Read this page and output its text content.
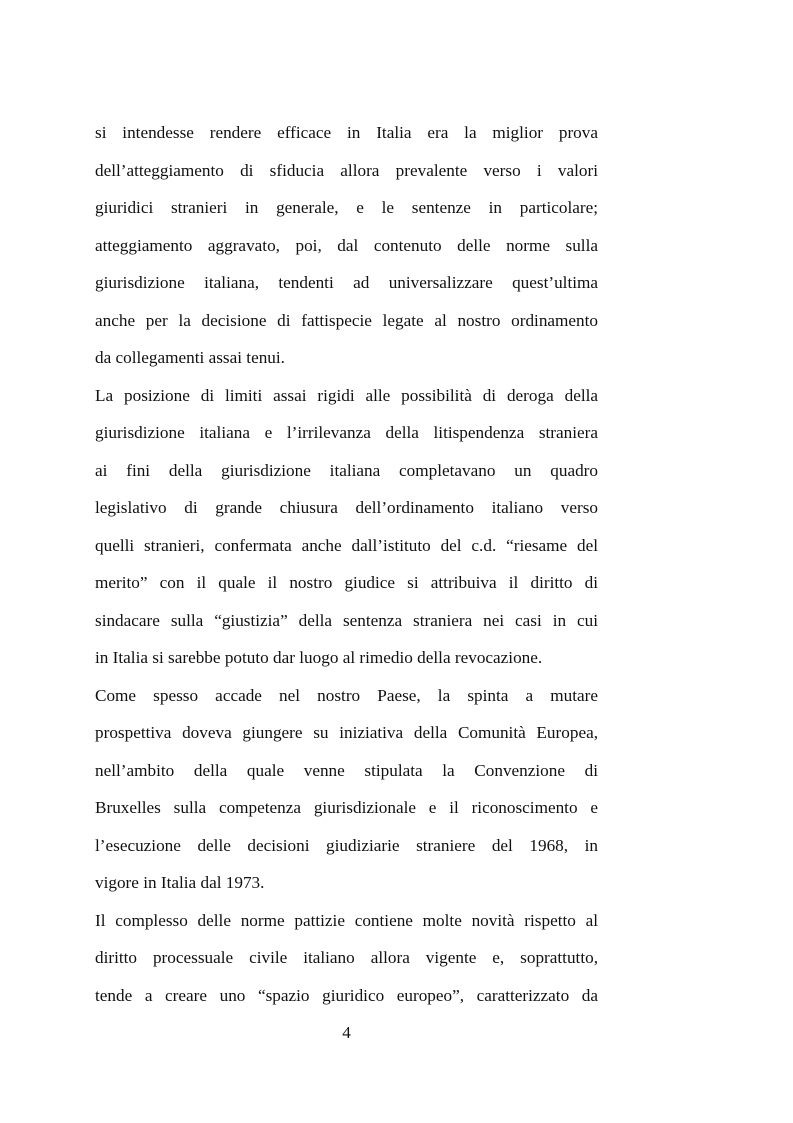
si intendesse rendere efficace in Italia era la miglior prova
dell’atteggiamento di sfiducia allora prevalente verso i valori
giuridici stranieri in generale, e le sentenze in particolare;
atteggiamento aggravato, poi, dal contenuto delle norme sulla
giurisdizione italiana, tendenti ad universalizzare quest’ultima
anche per la decisione di fattispecie legate al nostro ordinamento
da collegamenti assai tenui.
La posizione di limiti assai rigidi alle possibilità di deroga della
giurisdizione italiana e l’irrilevanza della litispendenza straniera
ai fini della giurisdizione italiana completavano un quadro
legislativo di grande chiusura dell’ordinamento italiano verso
quelli stranieri, confermata anche dall’istituto del c.d. “riesame del
merito” con il quale il nostro giudice si attribuiva il diritto di
sindacare sulla “giustizia” della sentenza straniera nei casi in cui
in Italia si sarebbe potuto dar luogo al rimedio della revocazione.
Come spesso accade nel nostro Paese, la spinta a mutare
prospettiva doveva giungere su iniziativa della Comunità Europea,
nell’ambito della quale venne stipulata la Convenzione di
Bruxelles sulla competenza giurisdizionale e il riconoscimento e
l’esecuzione delle decisioni giudiziarie straniere del 1968, in
vigore in Italia dal 1973.
Il complesso delle norme pattizie contiene molte novità rispetto al
diritto processuale civile italiano allora vigente e, soprattutto,
tende a creare uno “spazio giuridico europeo”, caratterizzato da
4
